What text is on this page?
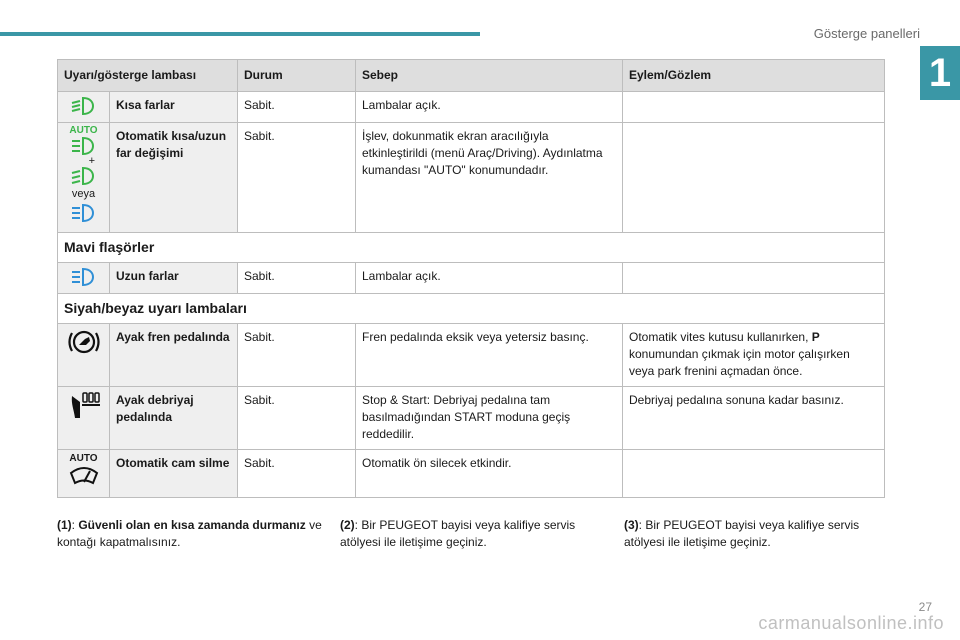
Gösterge panelleri
1
Uyarı/gösterge lambası		Durum	Sebep	Eylem/Gözlem

	Kısa farlar	Sabit.	Lambalar açık.	

AUTO
+
veya	Otomatik kısa/uzun far değişimi	Sabit.	İşlev, dokunmatik ekran aracılığıyla etkinleştirildi (menü Araç/Driving). Aydınlatma kumandası "AUTO" konumundadır.	
Mavi flaşörler				

	Uzun farlar	Sabit.	Lambalar açık.	
Siyah/beyaz uyarı lambaları				

	Ayak fren pedalında	Sabit.	Fren pedalında eksik veya yetersiz basınç.	Otomatik vites kutusu kullanırken, P konumundan çıkmak için motor çalışırken veya park frenini açmadan önce.

	Ayak debriyaj pedalında	Sabit.	Stop & Start: Debriyaj pedalına tam basılmadığından START moduna geçiş reddedilir.	Debriyaj pedalına sonuna kadar basınız.

AUTO	Otomatik cam silme	Sabit.	Otomatik ön silecek etkindir.	
(1): Güvenli olan en kısa zamanda durmanız ve kontağı kapatmalısınız.
(2): Bir PEUGEOT bayisi veya kalifiye servis atölyesi ile iletişime geçiniz.
(3): Bir PEUGEOT bayisi veya kalifiye servis atölyesi ile iletişime geçiniz.
carmanualsonline.info
27
